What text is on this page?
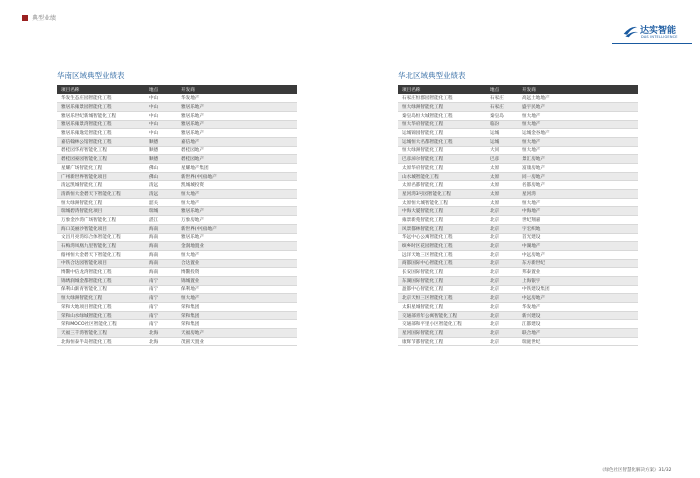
典型业绩
达实智能
DAS INTELLIGENCE
华南区域典型业绩表
项目名称	地点	开发商
华发生态庄园智能化工程	中山	华发地产
雅居乐雍景园智能化工程	中山	雅居乐地产
雅居乐世纪新城智能化工程	中山	雅居乐地产
雅居乐雍景湾智能化工程	中山	雅居乐地产
雅居乐雍逸廷智能化工程	中山	雅居乐地产
嘉信翰林公馆智能化工程	顺德	嘉信地产
碧桂园华府智能化工程	顺德	碧桂园地产
碧桂园豪园智能化工程	顺德	碧桂园地产
星耀广场智能化工程	佛山	星耀地产集团
广州新世界智能化项目	佛山	新世界(中国)地产
清远凯城智能化工程	清远	凯城城投资
清新恒大金碧天下智能化工程	清远	恒大地产
恒大绿洲智能化工程	韶关	恒大地产
瑞城碧湾智能化项目	瑞城	雅居乐地产
万象金沙湾广场智能化工程	湛江	万象房地产
海口美丽沙智能化项目	海南	新世界(中国)地产
文昌月亮湾综合体智能化工程	海南	雅居乐地产
石梅湾凤凰九里智能化工程	海南	金润地置业
儋州恒大金碧天下智能化工程	海南	恒大地产
中铁合达园智能化项目	海南	合达置业
博鳌中信龙湾智能化工程	海南	博鳌投资
锦绣润城金都智能化工程	南宁	锦城置业
保利山渐青智能化工程	南宁	保利地产
恒大绿洲智能化工程	南宁	恒大地产
荣和大地项目智能化工程	南宁	荣和集团
荣和山水绿城智能化工程	南宁	荣和集团
荣和MOCO社区智能化工程	南宁	荣和集团
天福三千湾智能化工程	北海	天福房地产
北海恒泰半岛智能化工程	北海	茂圆天置业
华北区域典型业绩表
项目名称	地点	开发商
石家庄恒郡园智能化工程	石家庄	高远土地地产
恒大绿洲智能化工程	石家庄	盛宇民地产
秦皇岛恒大城智能化工程	秦皇岛	恒大地产
恒大华府智能化工程	临汾	恒大地产
运城锦园智能化工程	运城	运城金谷地产
运城恒大名都智能化工程	运城	恒大地产
恒大绿洲智能化工程	大同	恒大地产
巴彦淖尔智能化工程	巴彦	景汇房地产
太原华府智能化工程	太原	富康房地产
山水城智能化工程	太原	同一房地产
太原名都智能化工程	太原	名都房地产
星河湾3号园智能化工程	太原	星河湾
太原恒大城智能化工程	太原	恒大地产
中海大厦智能化工程	北京	中海地产
雍景新苑智能化工程	北京	世纪翔嘉
风景都林智能化工程	北京	宇宏织地
华远中心公寓智能化工程	北京	首光建设
缤乡时区花园智能化工程	北京	中湖地产
远洋天地三区智能化工程	北京	中远房地产
商都国际中心智能化工程	北京	东方新世纪
长安国际智能化工程	北京	邦泰置业
东湖国际智能化工程	北京	上海银宇
盈都中心智能化工程	北京	中铁建设集团
北京天恒三区智能化工程	北京	中远房地产
太阳星城智能化工程	北京	华发地产
交通部青年公寓智能化工程	北京	新兴建设
交通部和平里小区智能化工程	北京	江都建设
星河国际智能化工程	北京	联合地产
康辉节都智能化工程	北京	瑞庭世纪
《绿色社区智慧化解决方案》31/32
